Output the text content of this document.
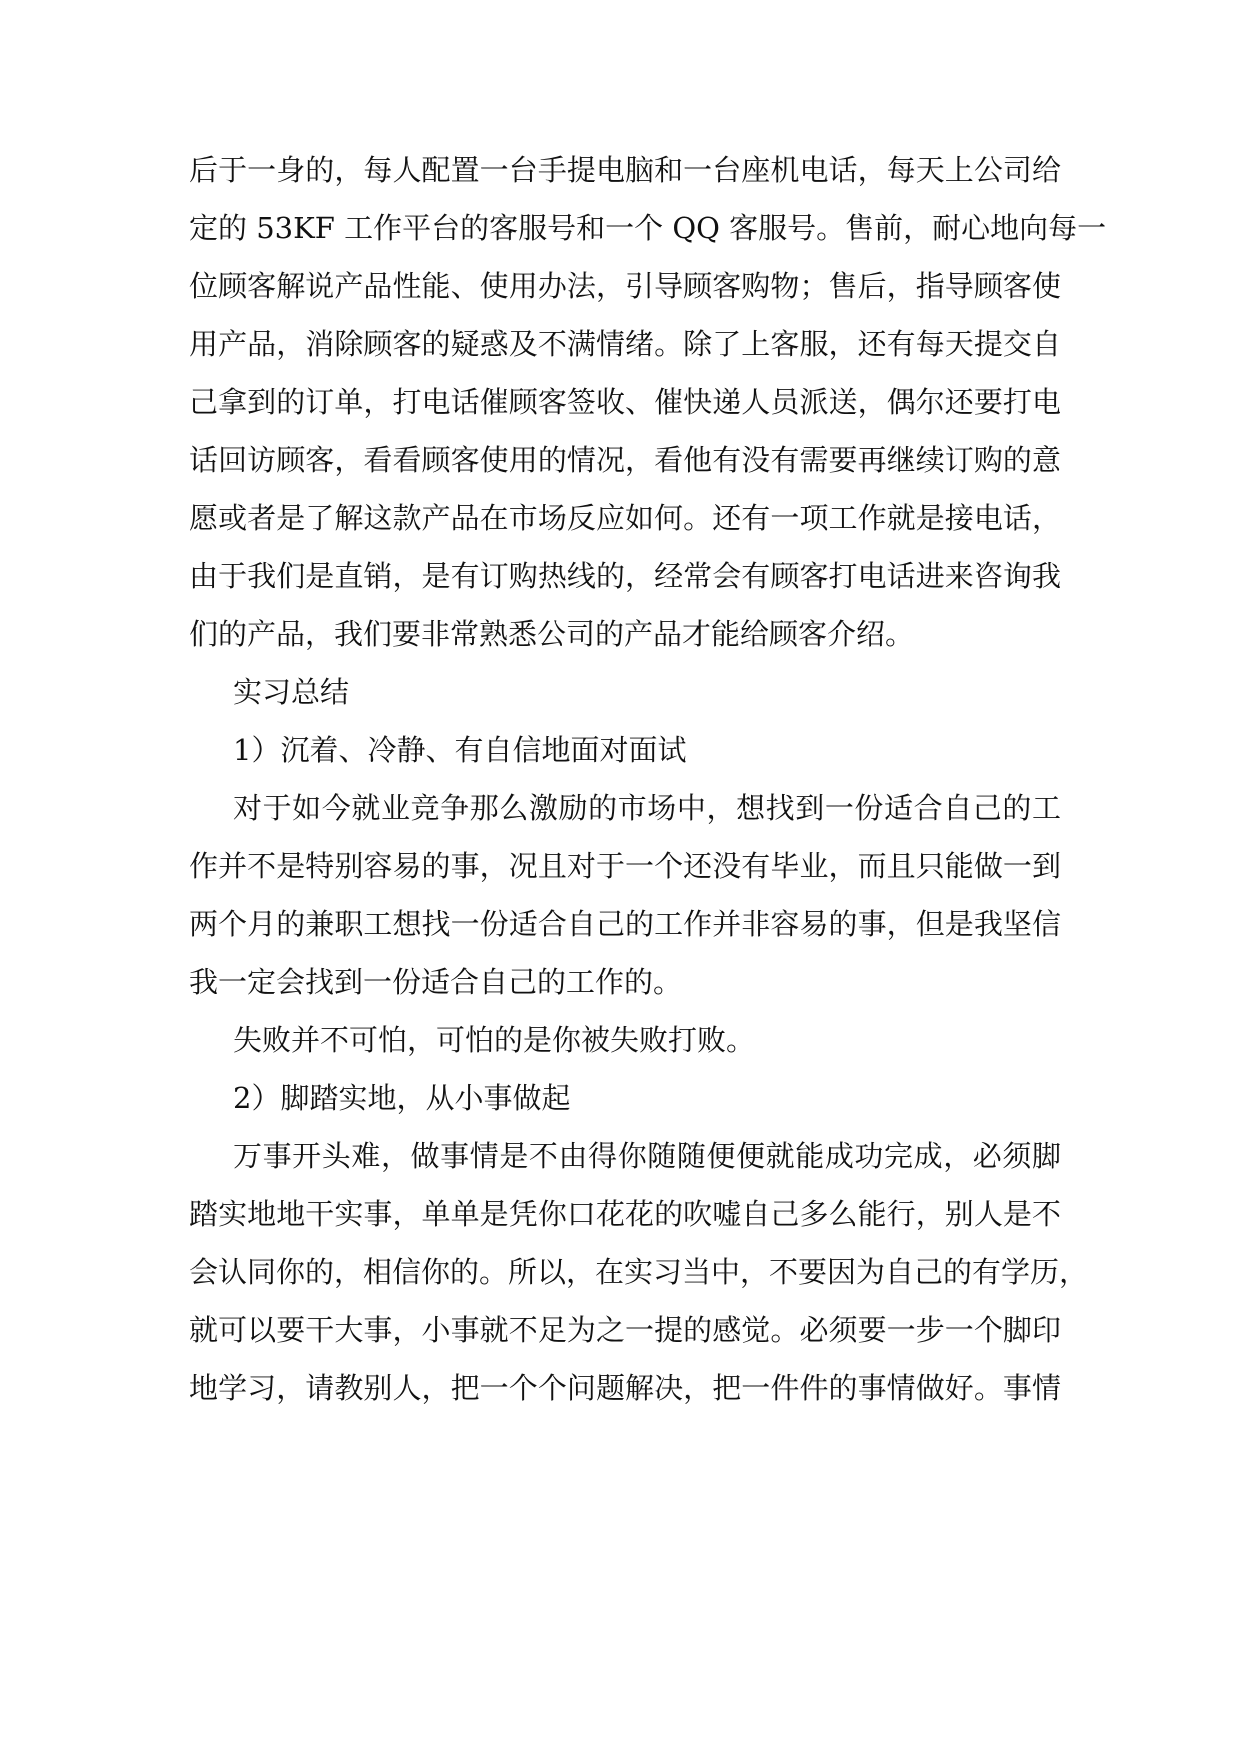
后于一身的，每人配置一台手提电脑和一台座机电话，每天上公司给
定的 53KF 工作平台的客服号和一个 QQ 客服号。售前，耐心地向每一
位顾客解说产品性能、使用办法，引导顾客购物；售后，指导顾客使
用产品，消除顾客的疑惑及不满情绪。除了上客服，还有每天提交自
己拿到的订单，打电话催顾客签收、催快递人员派送，偶尔还要打电
话回访顾客，看看顾客使用的情况，看他有没有需要再继续订购的意
愿或者是了解这款产品在市场反应如何。还有一项工作就是接电话，
由于我们是直销，是有订购热线的，经常会有顾客打电话进来咨询我
们的产品，我们要非常熟悉公司的产品才能给顾客介绍。
实习总结
1）沉着、冷静、有自信地面对面试
对于如今就业竞争那么激励的市场中，想找到一份适合自己的工
作并不是特别容易的事，况且对于一个还没有毕业，而且只能做一到
两个月的兼职工想找一份适合自己的工作并非容易的事，但是我坚信
我一定会找到一份适合自己的工作的。
失败并不可怕，可怕的是你被失败打败。
2）脚踏实地，从小事做起
万事开头难，做事情是不由得你随随便便就能成功完成，必须脚
踏实地地干实事，单单是凭你口花花的吹嘘自己多么能行，别人是不
会认同你的，相信你的。所以，在实习当中，不要因为自己的有学历，
就可以要干大事，小事就不足为之一提的感觉。必须要一步一个脚印
地学习，请教别人，把一个个问题解决，把一件件的事情做好。事情
